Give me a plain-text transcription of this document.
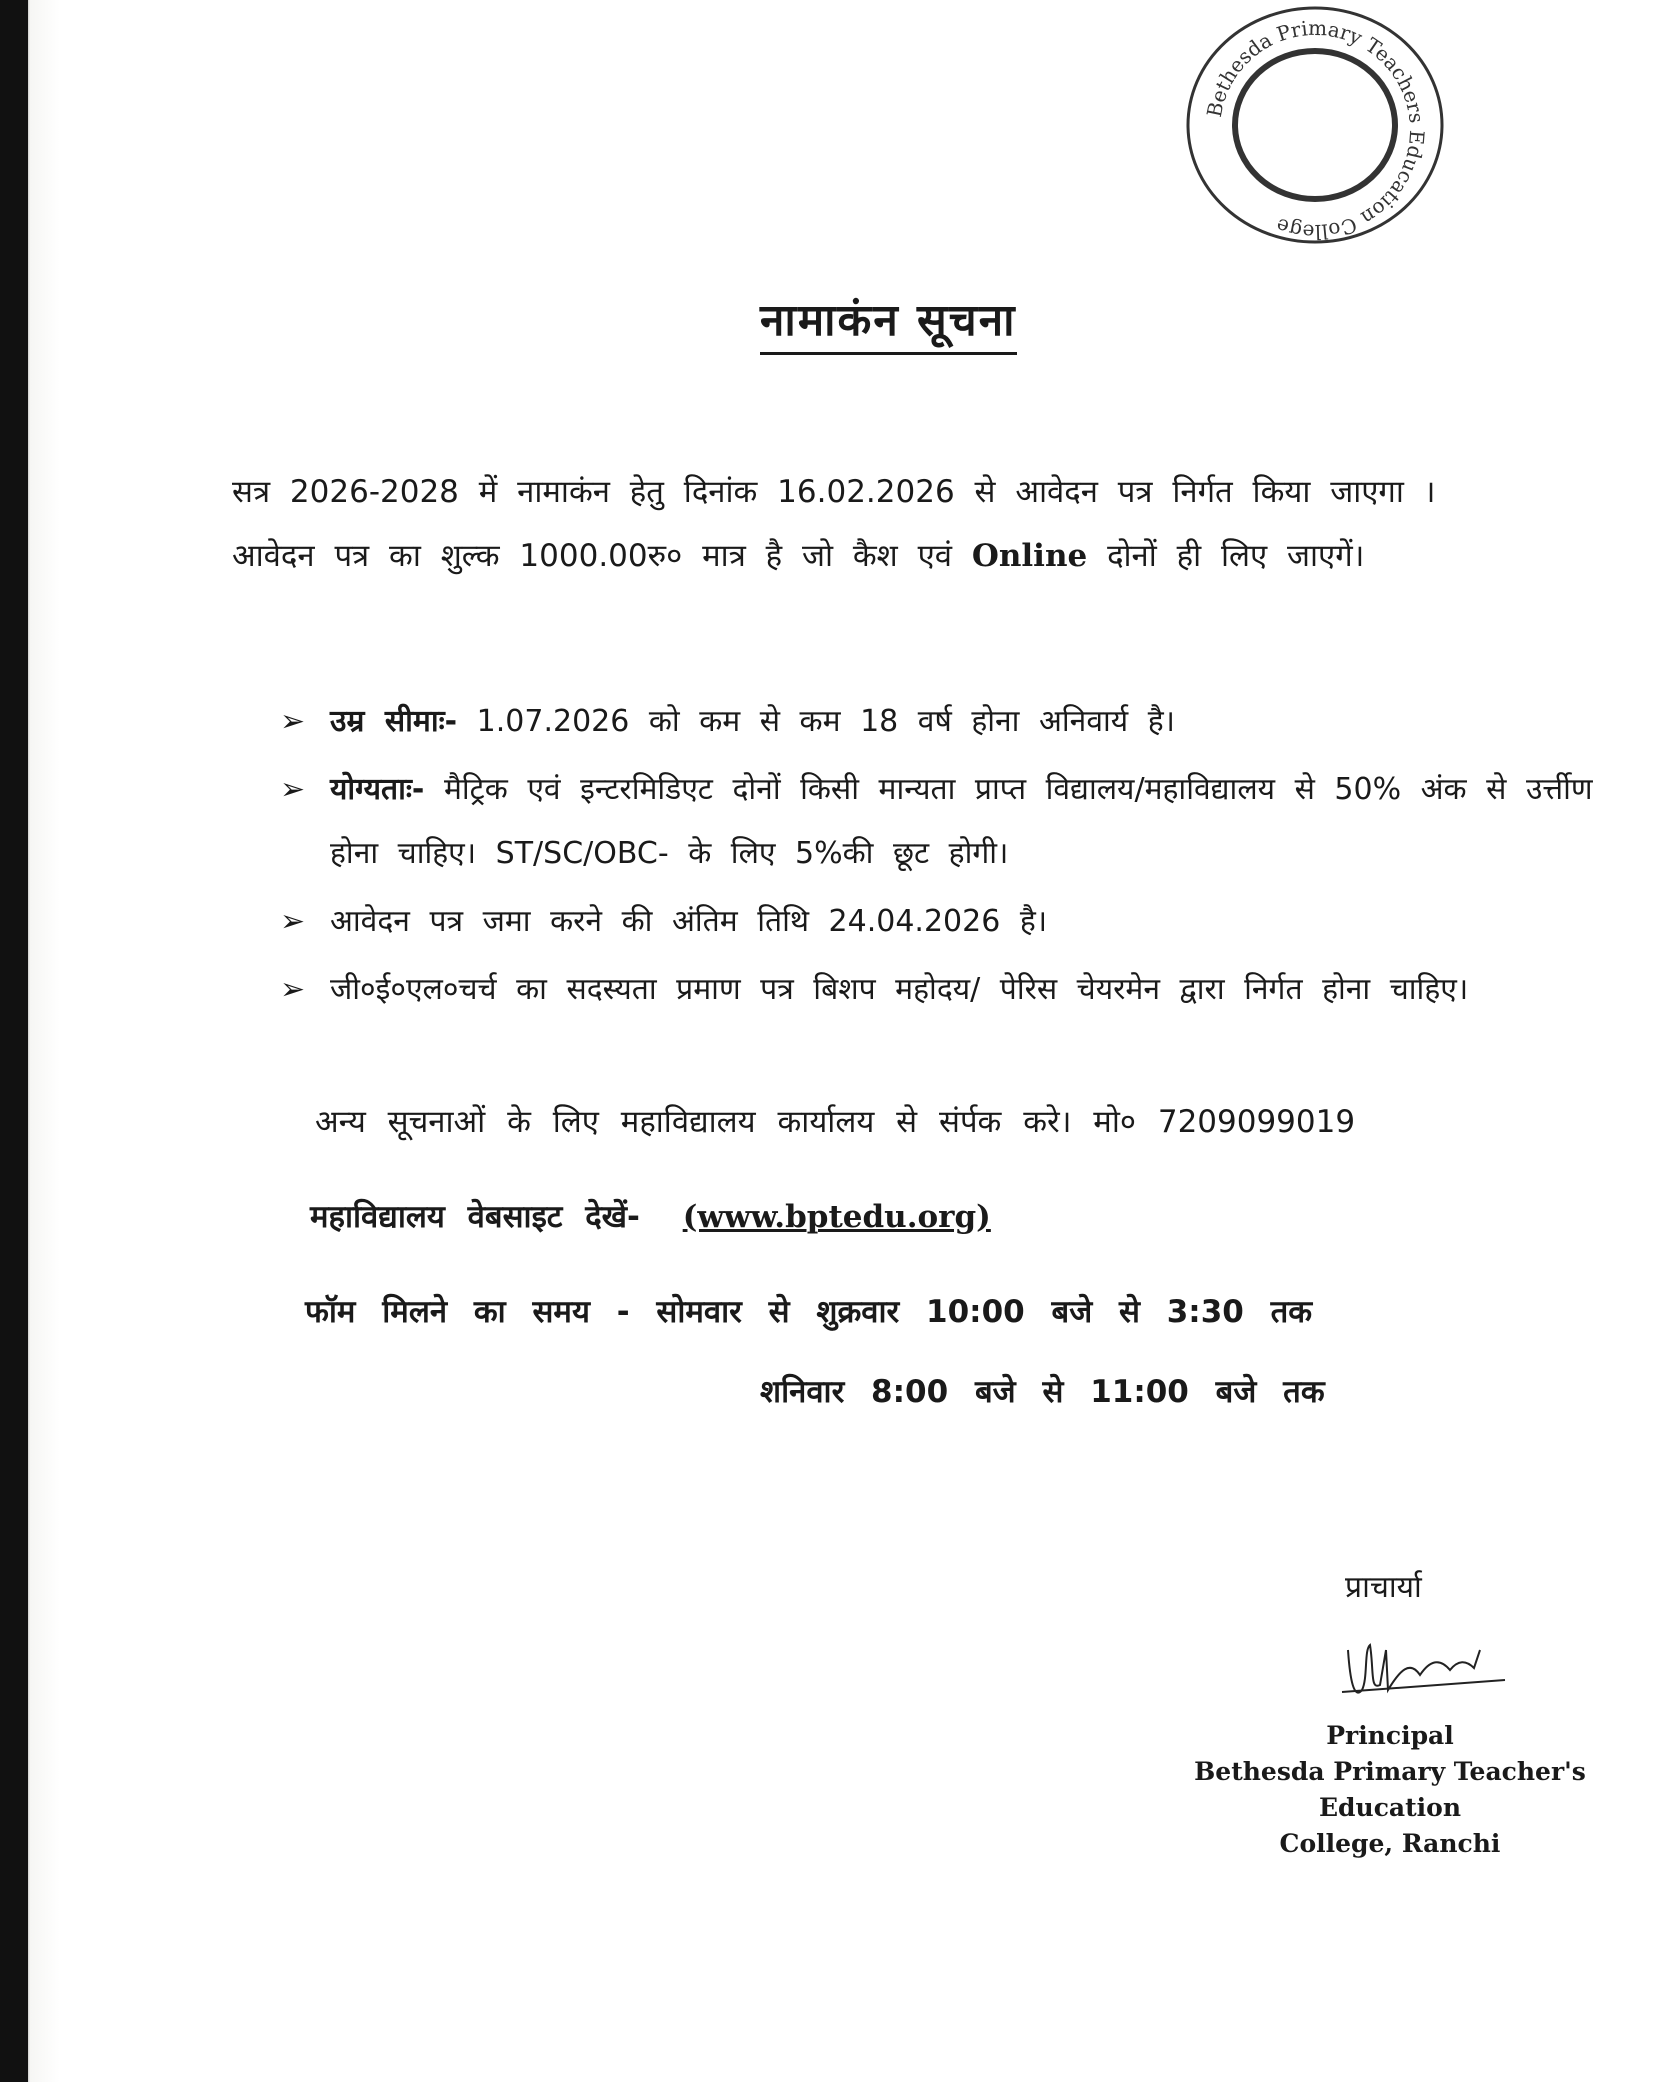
Bethesda Primary Teachers Education College
नामाकंन सूचना
सत्र 2026-2028 में नामाकंन हेतु दिनांक 16.02.2026 से आवेदन पत्र निर्गत किया जाएगा ।
आवेदन पत्र का शुल्क 1000.00रु० मात्र है जो कैश एवं Online दोनों ही लिए जाएगें।
➢ उम्र सीमाः- 1.07.2026 को कम से कम 18 वर्ष होना अनिवार्य है।
➢ योग्यताः- मैट्रिक एवं इन्टरमिडिएट दोनों किसी मान्यता प्राप्त विद्यालय/महाविद्यालय से 50% अंक से उर्त्तीण होना चाहिए। ST/SC/OBC- के लिए 5%की छूट होगी।
➢ आवेदन पत्र जमा करने की अंतिम तिथि 24.04.2026 है।
➢ जी०ई०एल०चर्च का सदस्यता प्रमाण पत्र बिशप महोदय/ पेरिस चेयरमेन द्वारा निर्गत होना चाहिए।
अन्य सूचनाओं के लिए महाविद्यालय कार्यालय से संर्पक करे। मो० 7209099019
महाविद्यालय वेबसाइट देखें- (www.bptedu.org)
फॉम मिलने का समय - सोमवार से शुक्रवार 10:00 बजे से 3:30 तक
शनिवार 8:00 बजे से 11:00 बजे तक
प्राचार्या
Principal
Bethesda Primary Teacher's Education
College, Ranchi
